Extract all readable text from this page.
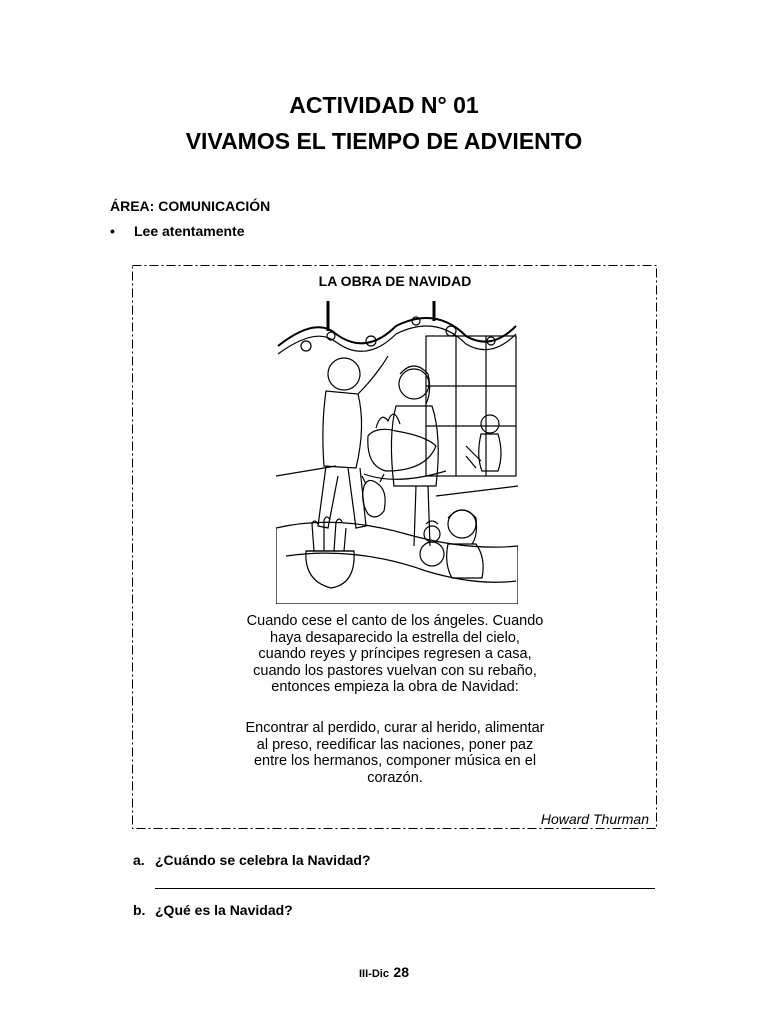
ACTIVIDAD N° 01
VIVAMOS EL TIEMPO DE ADVIENTO
ÁREA: COMUNICACIÓN
• Lee atentamente
LA OBRA DE NAVIDAD
Cuando cese el canto de los ángeles. Cuando haya desaparecido la estrella del cielo, cuando reyes y príncipes regresen a casa, cuando los pastores vuelvan con su rebaño, entonces empieza la obra de Navidad:
Encontrar al perdido, curar al herido, alimentar al preso, reedificar las naciones, poner paz entre los hermanos, componer música en el corazón.
Howard Thurman
a. ¿Cuándo se celebra la Navidad?
b. ¿Qué es la Navidad?
III-Dic 28
